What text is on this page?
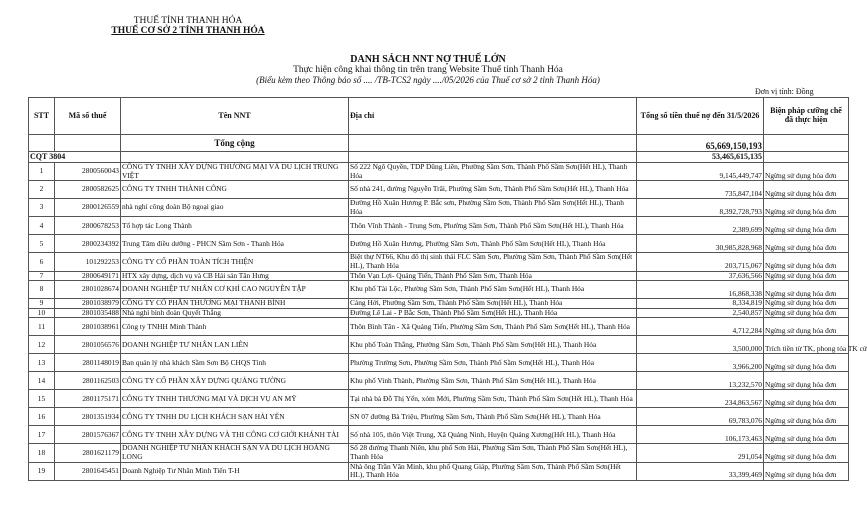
THUẾ TỈNH THANH HÓA
THUẾ CƠ SỞ 2 TỈNH THANH HÓA
DANH SÁCH NNT NỢ THUẾ LỚN
Thực hiện công khai thông tin trên trang Website Thuế tỉnh Thanh Hóa
(Biểu kèm theo Thông báo số .... /TB-TCS2 ngày ..../05/2026 của Thuế cơ sở 2 tỉnh Thanh Hóa)
Đơn vị tính: Đồng
STT	Mã số thuế	Tên NNT	Địa chỉ	Tổng số tiền thuế nợ đến 31/5/2026	Biện pháp cưỡng chế đã thực hiện
		Tổng cộng		65,669,150,193	
CQT 3804				53,465,615,135	
1	2800560043	CÔNG TY TNHH XÂY DỰNG THƯƠNG MẠI VÀ DU LỊCH TRUNG VIỆT	Số 222 Ngô Quyền, TDP Dũng Liên, Phường Sầm Sơn, Thành Phố Sầm Sơn(Hết HL), Thanh Hóa	9,145,449,747	Ngừng sử dụng hóa đơn
2	2800582625	CÔNG TY TNHH THÀNH CÔNG	Số nhà 241, đường Nguyễn Trãi, Phường Sầm Sơn, Thành Phố Sầm Sơn(Hết HL), Thanh Hóa	735,847,104	Ngừng sử dụng hóa đơn
3	2800126559	nhà nghỉ công đoàn Bộ ngoại giao	Đường Hồ Xuân Hương P. Bắc sơn, Phường Sầm Sơn, Thành Phố Sầm Sơn(Hết HL), Thanh Hóa	8,392,728,793	Ngừng sử dụng hóa đơn
4	2800678253	Tổ hợp tác Long Thành	Thôn Vĩnh Thành - Trung Sơn, Phường Sầm Sơn, Thành Phố Sầm Sơn(Hết HL), Thanh Hóa	2,389,699	Ngừng sử dụng hóa đơn
5	2800234392	Trung Tâm điều dưỡng - PHCN Sầm Sơn - Thanh Hóa	Đường Hồ Xuân Hương, Phường Sầm Sơn, Thành Phố Sầm Sơn(Hết HL), Thanh Hóa	30,985,828,968	Ngừng sử dụng hóa đơn
6	101292253	CÔNG TY CỔ PHẦN TOÀN TÍCH THIỆN	Biệt thự NT66, Khu đô thị sinh thái FLC Sầm Sơn, Phường Sầm Sơn, Thành Phố Sầm Sơn(Hết HL), Thanh Hóa	203,715,067	Ngừng sử dụng hóa đơn
7	2800649171	HTX xây dựng, dịch vụ và CB Hải sản Tân Hưng	Thôn Vạn Lợi- Quảng Tiến, Thành Phố Sầm Sơn, Thanh Hóa	37,636,566	Ngừng sử dụng hóa đơn
8	2801028674	DOANH NGHIỆP TƯ NHÂN CƠ KHÍ CAO NGUYÊN TẬP	Khu phố Tài Lộc, Phường Sầm Sơn, Thành Phố Sầm Sơn(Hết HL), Thanh Hóa	16,868,338	Ngừng sử dụng hóa đơn
9	2801038979	CÔNG TY CỔ PHẦN THƯƠNG MẠI THANH BÌNH	Cảng Hới, Phường Sầm Sơn, Thành Phố Sầm Sơn(Hết HL), Thanh Hóa	8,334,819	Ngừng sử dụng hóa đơn
10	2801035488	Nhà nghỉ bình đoàn Quyết Thắng	Đường Lê Lai - P Bắc Sơn, Thành Phố Sầm Sơn(Hết HL), Thanh Hóa	2,540,857	Ngừng sử dụng hóa đơn
11	2801038961	Công ty TNHH Minh Thành	Thôn Bình Tân - Xã Quảng Tiến, Phường Sầm Sơn, Thành Phố Sầm Sơn(Hết HL), Thanh Hóa	4,712,284	Ngừng sử dụng hóa đơn
12	2801056576	DOANH NGHIỆP TƯ NHÂN LAN LIÊN	Khu phố Toàn Thắng, Phường Sầm Sơn, Thành Phố Sầm Sơn(Hết HL), Thanh Hóa	3,500,000	Trích tiền từ TK, phong tỏa TK cử
13	2801148019	Ban quản lý nhà khách Sầm Sơn Bộ CHQS Tỉnh	Phường Trường Sơn, Phường Sầm Sơn, Thành Phố Sầm Sơn(Hết HL), Thanh Hóa	3,966,200	Ngừng sử dụng hóa đơn
14	2801162503	CÔNG TY CỔ PHẦN XÂY DỰNG QUẢNG TƯỜNG	Khu phố Vinh Thành, Phường Sầm Sơn, Thành Phố Sầm Sơn(Hết HL), Thanh Hóa	13,232,570	Ngừng sử dụng hóa đơn
15	2801175171	CÔNG TY TNHH THƯƠNG MẠI VÀ DỊCH VỤ AN MỸ	Tại nhà bà Đỗ Thị Yến, xóm Mới, Phường Sầm Sơn, Thành Phố Sầm Sơn(Hết HL), Thanh Hóa	234,863,567	Ngừng sử dụng hóa đơn
16	2801351934	CÔNG TY TNHH DU LỊCH KHÁCH SẠN HẢI YẾN	SN 07 đường Bà Triệu, Phường Sầm Sơn, Thành Phố Sầm Sơn(Hết HL), Thanh Hóa	69,783,076	Ngừng sử dụng hóa đơn
17	2801576367	CÔNG TY TNHH XÂY DỰNG VÀ THI CÔNG CƠ GIỚI KHÁNH TÀI	Số nhà 105, thôn Việt Trung, Xã Quảng Ninh, Huyện Quảng Xương(Hết HL), Thanh Hóa	106,173,463	Ngừng sử dụng hóa đơn
18	2801621179	DOANH NGHIỆP TƯ NHÂN KHÁCH SẠN VÀ DU LỊCH HOÀNG LONG	Số 28 đường Thanh Niên, khu phố Sơn Hải, Phường Sầm Sơn, Thành Phố Sầm Sơn(Hết HL), Thanh Hóa	291,054	Ngừng sử dụng hóa đơn
19	2801645451	Doanh Nghiệp Tư Nhân Minh Tiến T-H	Nhà ông Trần Văn Minh, khu phố Quang Giáp, Phường Sầm Sơn, Thành Phố Sầm Sơn(Hết HL), Thanh Hóa	33,399,469	Ngừng sử dụng hóa đơn
